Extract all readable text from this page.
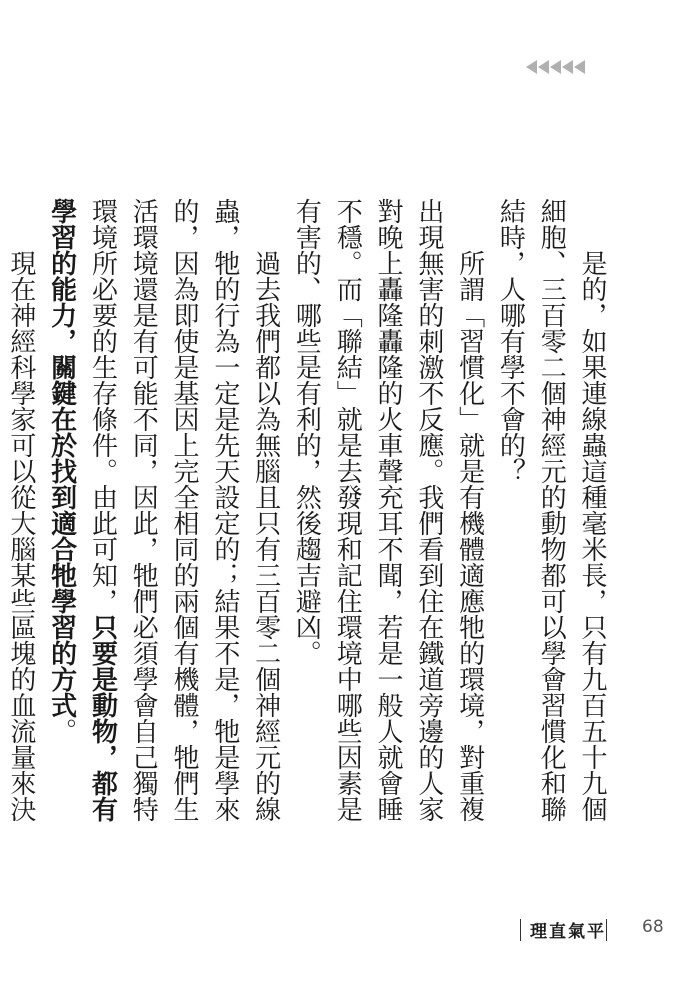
是的，如果連線蟲這種毫米長，只有九百五十九個細胞、三百零二個神經元的動物都可以學會習慣化和聯結時，人哪有學不會的？

所謂「習慣化」就是有機體適應牠的環境，對重複出現無害的刺激不反應。我們看到住在鐵道旁邊的人家對晚上轟隆轟隆的火車聲充耳不聞，若是一般人就會睡不穩。而「聯結」就是去發現和記住環境中哪些因素是有害的、哪些是有利的，然後趨吉避凶。

過去我們都以為無腦且只有三百零二個神經元的線蟲，牠的行為一定是先天設定的；結果不是，牠是學來的，因為即使是基因上完全相同的兩個有機體，牠們生活環境還是有可能不同，因此，牠們必須學會自己獨特環境所必要的生存條件。由此可知，只要是動物，都有學習的能力，關鍵在於找到適合牠學習的方式。

現在神經科學家可以從大腦某些區塊的血流量來決

理直氣平 68
